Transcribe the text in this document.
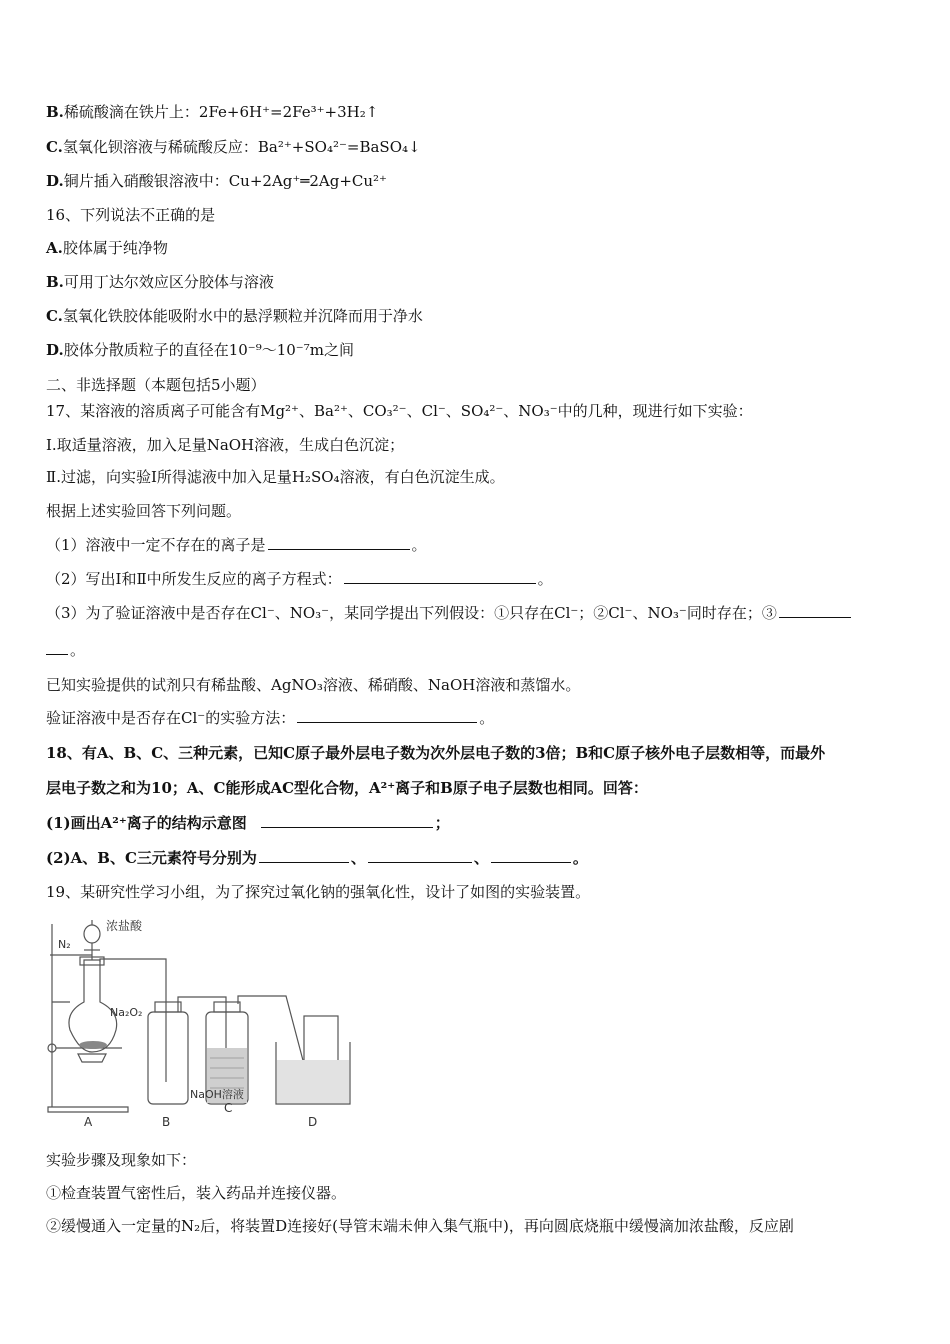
B.稀硫酸滴在铁片上：2Fe+6H⁺=2Fe³⁺+3H₂↑
C.氢氧化钡溶液与稀硫酸反应：Ba²⁺+SO₄²⁻=BaSO₄↓
D.铜片插入硝酸银溶液中：Cu+2Ag⁺═2Ag+Cu²⁺
16、下列说法不正确的是
A.胶体属于纯净物
B.可用丁达尔效应区分胶体与溶液
C.氢氧化铁胶体能吸附水中的悬浮颗粒并沉降而用于净水
D.胶体分散质粒子的直径在10⁻⁹～10⁻⁷m之间
二、非选择题（本题包括5小题）
17、某溶液的溶质离子可能含有Mg²⁺、Ba²⁺、CO₃²⁻、Cl⁻、SO₄²⁻、NO₃⁻中的几种，现进行如下实验：
Ⅰ.取适量溶液，加入足量NaOH溶液，生成白色沉淀；
Ⅱ.过滤，向实验Ⅰ所得滤液中加入足量H₂SO₄溶液，有白色沉淀生成。
根据上述实验回答下列问题。
（1）溶液中一定不存在的离子是	。
（2）写出Ⅰ和Ⅱ中所发生反应的离子方程式：	。
（3）为了验证溶液中是否存在Cl⁻、NO₃⁻，某同学提出下列假设：①只存在Cl⁻；②Cl⁻、NO₃⁻同时存在；③
。
已知实验提供的试剂只有稀盐酸、AgNO₃溶液、稀硝酸、NaOH溶液和蒸馏水。
验证溶液中是否存在Cl⁻的实验方法：	。
18、有A、B、C、三种元素，已知C原子最外层电子数为次外层电子数的3倍；B和C原子核外电子层数相等，而最外
层电子数之和为10；A、C能形成AC型化合物，A²⁺离子和B原子电子层数也相同。回答：
(1)画出A²⁺离子的结构示意图	；
(2)A、B、C三元素符号分别为	、	、	。
19、某研究性学习小组，为了探究过氧化钠的强氧化性，设计了如图的实验装置。
N₂
浓盐酸
Na₂O₂
NaOH溶液
A	B
C
D
实验步骤及现象如下：
①检查装置气密性后，装入药品并连接仪器。
②缓慢通入一定量的N₂后，将装置D连接好(导管末端未伸入集气瓶中)，再向圆底烧瓶中缓慢滴加浓盐酸，反应剧
